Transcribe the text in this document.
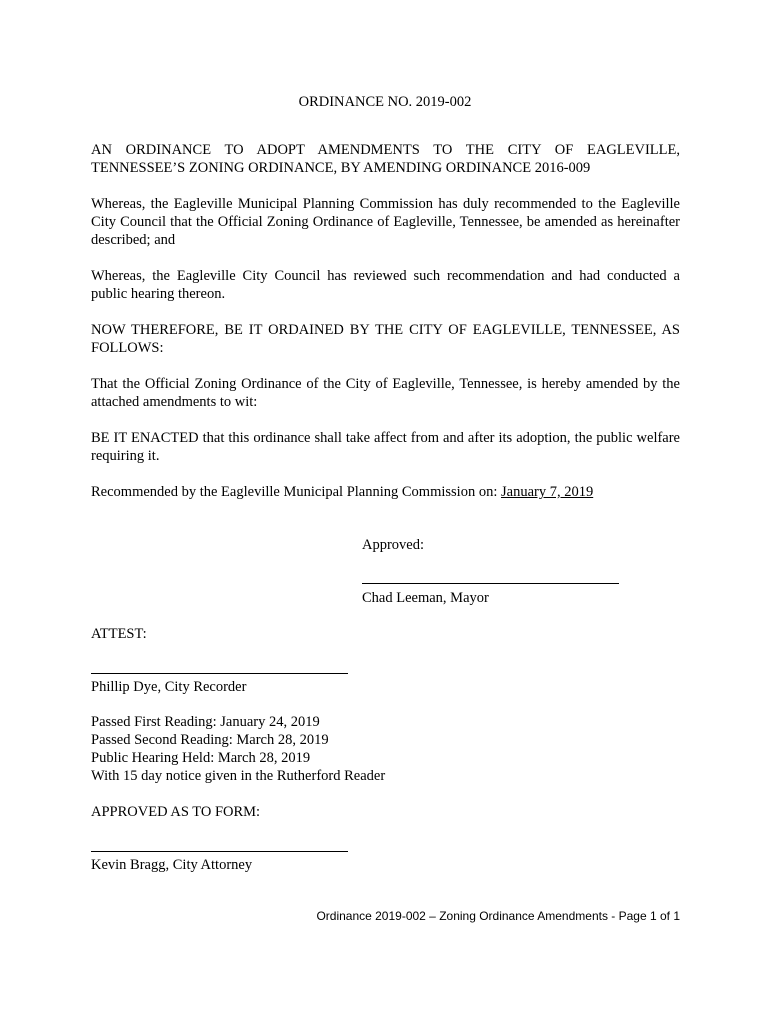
ORDINANCE NO. 2019-002
AN ORDINANCE TO ADOPT AMENDMENTS TO THE CITY OF EAGLEVILLE, TENNESSEE’S ZONING ORDINANCE, BY AMENDING ORDINANCE 2016-009
Whereas, the Eagleville Municipal Planning Commission has duly recommended to the Eagleville City Council that the Official Zoning Ordinance of Eagleville, Tennessee, be amended as hereinafter described; and
Whereas, the Eagleville City Council has reviewed such recommendation and had conducted a public hearing thereon.
NOW THEREFORE, BE IT ORDAINED BY THE CITY OF EAGLEVILLE, TENNESSEE, AS FOLLOWS:
That the Official Zoning Ordinance of the City of Eagleville, Tennessee, is hereby amended by the attached amendments to wit:
BE IT ENACTED that this ordinance shall take affect from and after its adoption, the public welfare requiring it.
Recommended by the Eagleville Municipal Planning Commission on: January 7, 2019
Approved:
Chad Leeman, Mayor
ATTEST:
Phillip Dye, City Recorder
Passed First Reading: January 24, 2019
Passed Second Reading: March 28, 2019
Public Hearing Held: March 28, 2019
With 15 day notice given in the Rutherford Reader
APPROVED AS TO FORM:
Kevin Bragg, City Attorney
Ordinance 2019-002 – Zoning Ordinance Amendments - Page 1 of 1
